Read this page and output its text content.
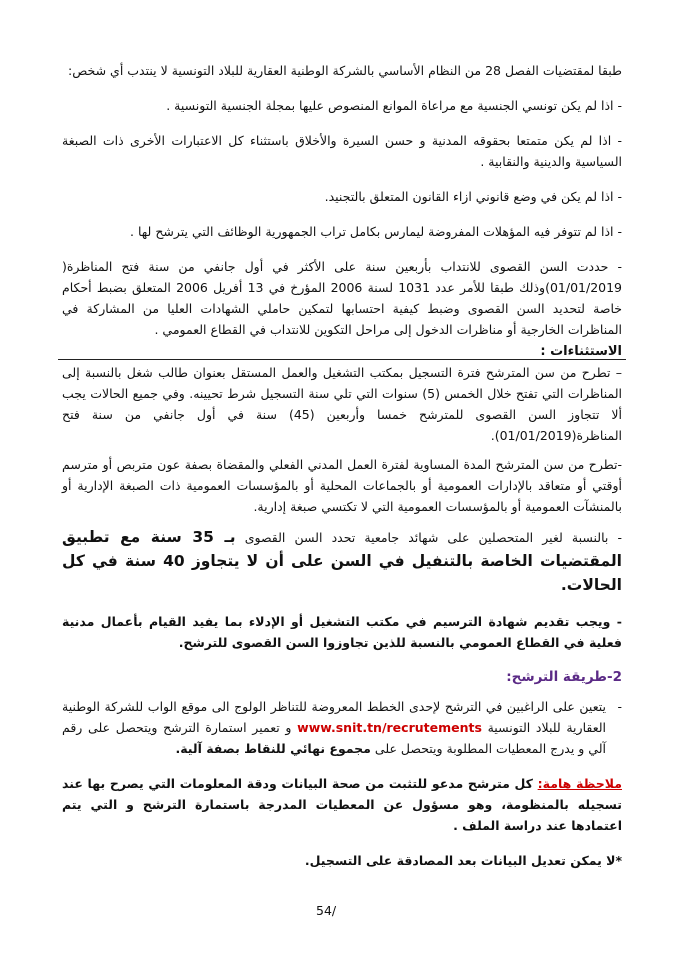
طبقا لمقتضيات الفصل 28 من النظام الأساسي بالشركة الوطنية العقارية للبلاد التونسية لا ينتدب أي شخص:

- اذا لم يكن تونسي الجنسية مع مراعاة الموانع المنصوص عليها بمجلة الجنسية التونسية .

- اذا لم يكن متمتعا بحقوقه المدنية و حسن السيرة والأخلاق باستثناء كل الاعتبارات الأخرى ذات الصبغة السياسية والدينية والنقابية .

- اذا لم يكن في وضع قانوني ازاء القانون المتعلق بالتجنيد.

- اذا لم تتوفر فيه المؤهلات المفروضة ليمارس بكامل تراب الجمهورية الوظائف التي يترشح لها .

- حددت السن القصوى للانتداب بأربعين سنة على الأكثر في أول جانفي من سنة فتح المناظرة( 01/01/2019)وذلك طبقا للأمر عدد 1031 لسنة 2006 المؤرخ في 13 أفريل 2006 المتعلق بضبط أحكام خاصة لتحديد السن القصوى وضبط كيفية احتسابها لتمكين حاملي الشهادات العليا من المشاركة في المناظرات الخارجية أو مناظرات الدخول إلى مراحل التكوين للانتداب في القطاع العمومي .

الاستثناءات :

– تطرح من سن المترشح فترة التسجيل بمكتب التشغيل والعمل المستقل بعنوان طالب شغل بالنسبة إلى المناظرات التي تفتح خلال الخمس (5) سنوات التي تلي سنة التسجيل شرط تحيينه. وفي جميع الحالات يجب ألا تتجاوز السن القصوى للمترشح خمسا وأربعين (45) سنة في أول جانفي من سنة فتح المناظرة(01/01/2019).

-تطرح من سن المترشح المدة المساوية لفترة العمل المدني الفعلي والمقضاة بصفة عون متربص أو مترسم أوقتي أو متعاقد بالإدارات العمومية أو بالجماعات المحلية أو بالمؤسسات العمومية ذات الصبغة الإدارية أو بالمنشآت العمومية أو بالمؤسسات العمومية التي لا تكتسي صبغة إدارية.

- بالنسبة لغير المتحصلين على شهائد جامعية تحدد السن القصوى بـ 35 سنة مع تطبيق المقتضيات الخاصة بالتنفيل في السن على أن لا يتجاوز 40 سنة في كل الحالات.

- ويجب تقديم شهادة الترسيم في مكتب التشغيل أو الإدلاء بما يفيد القيام بأعمال مدنية فعلية في القطاع العمومي بالنسبة للذين تجاوزوا السن القصوى للترشح.

2-طريقة الترشح:

-
يتعين على الراغبين في الترشح لإحدى الخطط المعروضة للتناظر الولوج الى موقع الواب للشركة الوطنية العقارية للبلاد التونسية www.snit.tn/recrutements و تعمير استمارة الترشح ويتحصل على رقم آلي و يدرج المعطيات المطلوبة ويتحصل على مجموع نهائي للنقاط بصفة آلية.

ملاحظة هامة: كل مترشح مدعو للتثبت من صحة البيانات ودقة المعلومات التي يصرح بها عند تسجيله بالمنظومة، وهو مسؤول عن المعطيات المدرجة باستمارة الترشح و التي يتم اعتمادها عند دراسة الملف .

*لا يمكن تعديل البيانات بعد المصادقة على التسجيل.

/54
